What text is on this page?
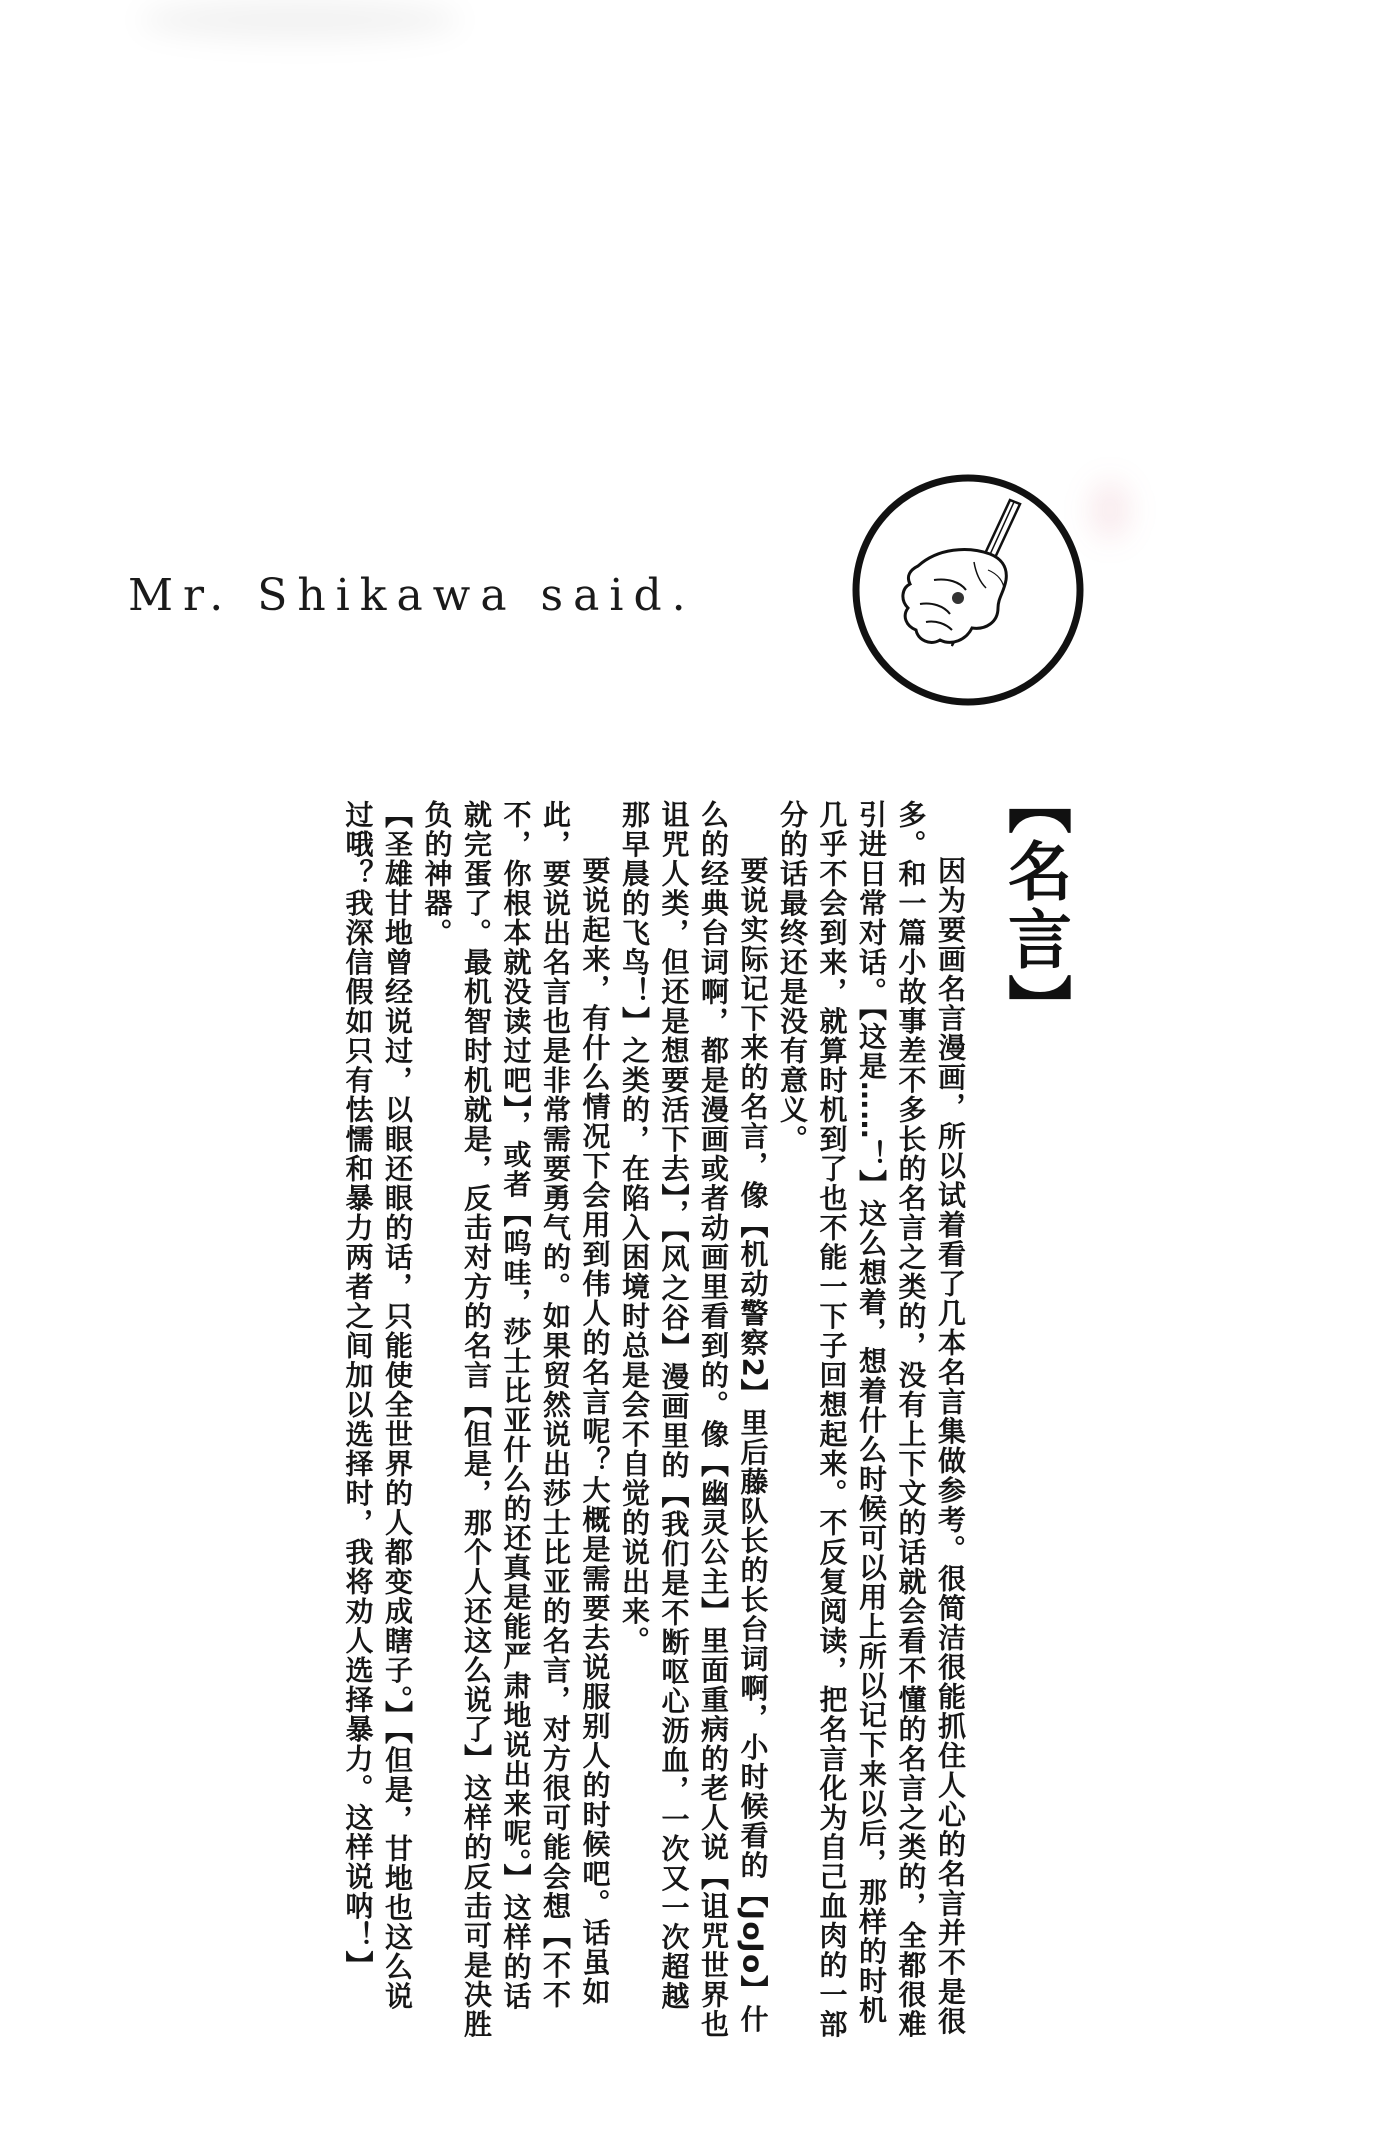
Mr. Shikawa said.
【名言】

因为要画名言漫画，所以试着看了几本名言集做参考。很简洁很能抓住人心的名言并不是很多。和一篇小故事差不多长的名言之类的，没有上下文的话就会看不懂的名言之类的，全都很难引进日常对话。【这是……！】这么想着，想着什么时候可以用上所以记下来以后，那样的时机几乎不会到来，就算时机到了也不能一下子回想起来。不反复阅读，把名言化为自己血肉的一部分的话最终还是没有意义。

要说实际记下来的名言，像【机动警察2】里后藤队长的长台词啊，小时候看的【JoJo】什么的经典台词啊，都是漫画或者动画里看到的。像【幽灵公主】里面重病的老人说【诅咒世界也诅咒人类，但还是想要活下去】，【风之谷】漫画里的【我们是不断呕心沥血，一次又一次超越那早晨的飞鸟！】之类的，在陷入困境时总是会不自觉的说出来。

要说起来，有什么情况下会用到伟人的名言呢？大概是需要去说服别人的时候吧。话虽如此，要说出名言也是非常需要勇气的。如果贸然说出莎士比亚的名言，对方很可能会想【不不不，你根本就没读过吧】，或者【呜哇，莎士比亚什么的还真是能严肃地说出来呢。】这样的话就完蛋了。最机智时机就是，反击对方的名言【但是，那个人还这么说了】这样的反击可是决胜负的神器。

【圣雄甘地曾经说过，以眼还眼的话，只能使全世界的人都变成瞎子。】【但是，甘地也这么说过哦？我深信假如只有怯懦和暴力两者之间加以选择时，我将劝人选择暴力。这样说呐！】
